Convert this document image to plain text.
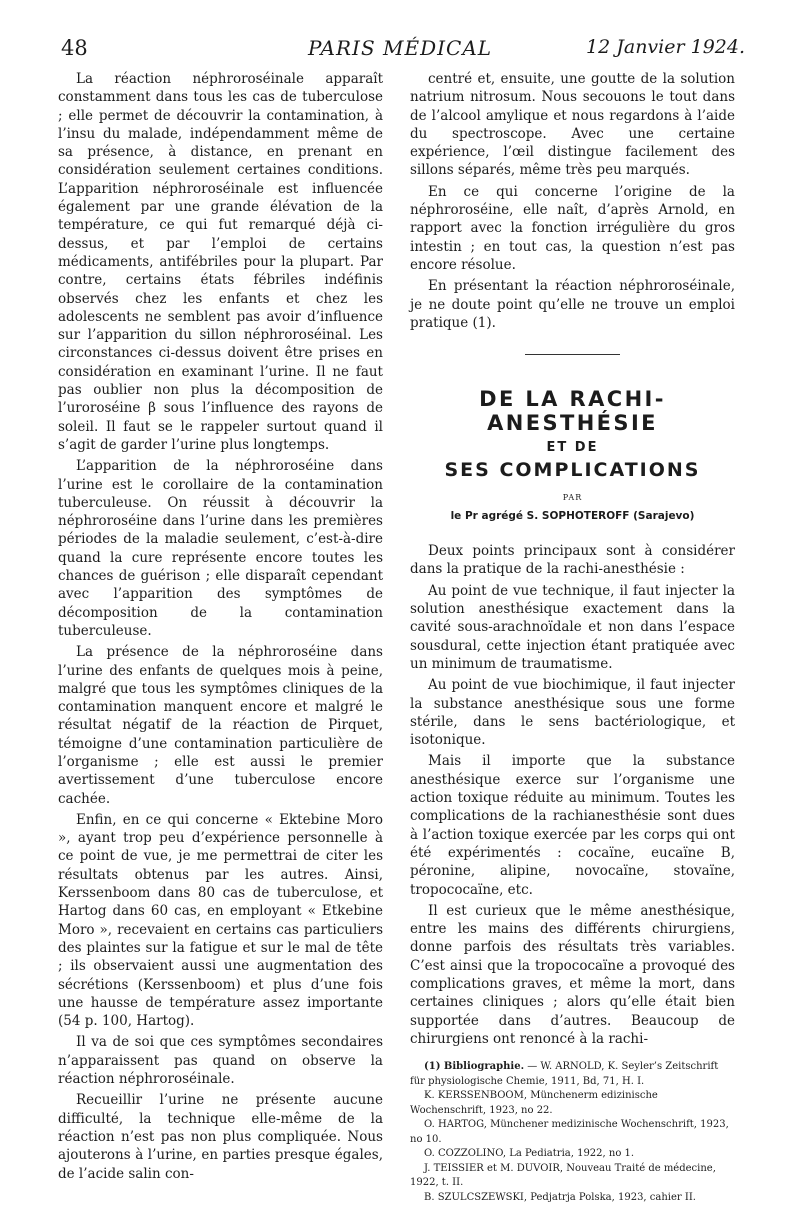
48	PARIS MÉDICAL	12 Janvier 1924.

La réaction néphroroséinale apparaît constamment dans tous les cas de tuberculose ; elle permet de découvrir la contamination, à l’insu du malade, indépendamment même de sa présence, à distance, en prenant en considération seulement certaines conditions. L’apparition néphroroséinale est influencée également par une grande élévation de la température, ce qui fut remarqué déjà ci-dessus, et par l’emploi de certains médicaments, antifébriles pour la plupart. Par contre, certains états fébriles indéfinis observés chez les enfants et chez les adolescents ne semblent pas avoir d’influence sur l’apparition du sillon néphroroséinal. Les circonstances ci-dessus doivent être prises en considération en examinant l’urine. Il ne faut pas oublier non plus la décomposition de l’uroroséine β sous l’influence des rayons de soleil. Il faut se le rappeler surtout quand il s’agit de garder l’urine plus longtemps.

L’apparition de la néphroroséine dans l’urine est le corollaire de la contamination tuberculeuse. On réussit à découvrir la néphroroséine dans l’urine dans les premières périodes de la maladie seulement, c’est-à-dire quand la cure représente encore toutes les chances de guérison ; elle disparaît cependant avec l’apparition des symptômes de décomposition de la contamination tuberculeuse.

La présence de la néphroroséine dans l’urine des enfants de quelques mois à peine, malgré que tous les symptômes cliniques de la contamination manquent encore et malgré le résultat négatif de la réaction de Pirquet, témoigne d’une contamination particulière de l’organisme ; elle est aussi le premier avertissement d’une tuberculose encore cachée.

Enfin, en ce qui concerne « Ektebine Moro », ayant trop peu d’expérience personnelle à ce point de vue, je me permettrai de citer les résultats obtenus par les autres. Ainsi, Kerssenboom dans 80 cas de tuberculose, et Hartog dans 60 cas, en employant « Etkebine Moro », recevaient en certains cas particuliers des plaintes sur la fatigue et sur le mal de tête ; ils observaient aussi une augmentation des sécrétions (Kerssenboom) et plus d’une fois une hausse de température assez importante (54 p. 100, Hartog).

Il va de soi que ces symptômes secondaires n’apparaissent pas quand on observe la réaction néphroroséinale.

Recueillir l’urine ne présente aucune difficulté, la technique elle-même de la réaction n’est pas non plus compliquée. Nous ajouterons à l’urine, en parties presque égales, de l’acide salin con-

centré et, ensuite, une goutte de la solution natrium nitrosum. Nous secouons le tout dans de l’alcool amylique et nous regardons à l’aide du spectroscope. Avec une certaine expérience, l’œil distingue facilement des sillons séparés, même très peu marqués.

En ce qui concerne l’origine de la néphroroséine, elle naît, d’après Arnold, en rapport avec la fonction irrégulière du gros intestin ; en tout cas, la question n’est pas encore résolue.

En présentant la réaction néphroroséinale, je ne doute point qu’elle ne trouve un emploi pratique (1).

DE LA RACHI-ANESTHÉSIE
ET DE
SES COMPLICATIONS
PAR
le Pr agrégé S. SOPHOTEROFF (Sarajevo)

Deux points principaux sont à considérer dans la pratique de la rachi-anesthésie :

Au point de vue technique, il faut injecter la solution anesthésique exactement dans la cavité sous-arachnoïdale et non dans l’espace sousdural, cette injection étant pratiquée avec un minimum de traumatisme.

Au point de vue biochimique, il faut injecter la substance anesthésique sous une forme stérile, dans le sens bactériologique, et isotonique.

Mais il importe que la substance anesthésique exerce sur l’organisme une action toxique réduite au minimum. Toutes les complications de la rachianesthésie sont dues à l’action toxique exercée par les corps qui ont été expérimentés : cocaïne, eucaïne B, péronine, alipine, novocaïne, stovaïne, tropococaïne, etc.

Il est curieux que le même anesthésique, entre les mains des différents chirurgiens, donne parfois des résultats très variables. C’est ainsi que la tropococaïne a provoqué des complications graves, et même la mort, dans certaines cliniques ; alors qu’elle était bien supportée dans d’autres. Beaucoup de chirurgiens ont renoncé à la rachi-

(1) Bibliographie. — W. ARNOLD, K. Seyler’s Zeitschrift für physiologische Chemie, 1911, Bd, 71, H. I.

K. KERSSENBOOM, Münchenerm edizinische Wochenschrift, 1923, no 22.

O. HARTOG, Münchener medizinische Wochenschrift, 1923, no 10.

O. COZZOLINO, La Pediatria, 1922, no 1.

J. TEISSIER et M. DUVOIR, Nouveau Traité de médecine, 1922, t. II.

B. SZULCSZEWSKI, Pedjatrja Polska, 1923, cahier II.
